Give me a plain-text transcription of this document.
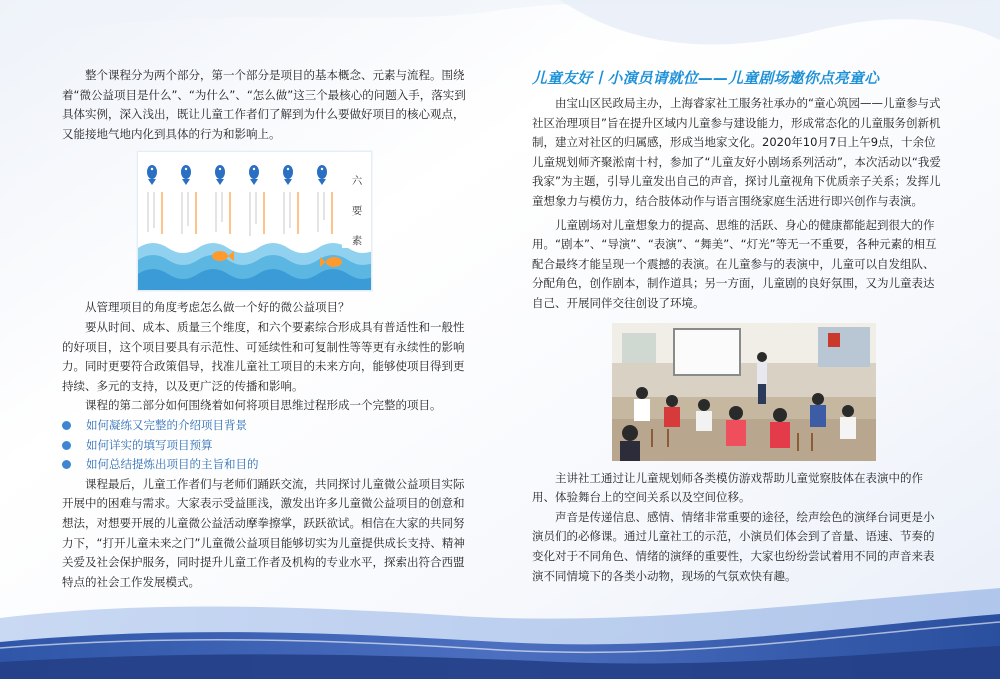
整个课程分为两个部分，第一个部分是项目的基本概念、元素与流程。围绕着“微公益项目是什么”、“为什么”、“怎么做”这三个最核心的问题入手，落实到具体实例，深入浅出，既让儿童工作者们了解到为什么要做好项目的核心观点，又能接地气地内化到具体的行为和影响上。

六
要
素

从管理项目的角度考虑怎么做一个好的微公益项目？

要从时间、成本、质量三个维度，和六个要素综合形成具有普适性和一般性的好项目，这个项目要具有示范性、可延续性和可复制性等等更有永续性的影响力。同时更要符合政策倡导，找准儿童社工项目的未来方向，能够使项目得到更持续、多元的支持，以及更广泛的传播和影响。

课程的第二部分如何围绕着如何将项目思维过程形成一个完整的项目。

如何凝练又完整的介绍项目背景
如何详实的填写项目预算
如何总结提炼出项目的主旨和目的

课程最后，儿童工作者们与老师们踊跃交流，共同探讨儿童微公益项目实际开展中的困难与需求。大家表示受益匪浅，激发出许多儿童微公益项目的创意和想法，对想要开展的儿童微公益活动摩拳擦掌，跃跃欲试。相信在大家的共同努力下，“打开儿童未来之门”儿童微公益项目能够切实为儿童提供成长支持、精神关爱及社会保护服务，同时提升儿童工作者及机构的专业水平，探索出符合西盟特点的社会工作发展模式。

儿童友好丨小演员请就位——儿童剧场邀你点亮童心

由宝山区民政局主办，上海睿家社工服务社承办的“童心筑园——儿童参与式社区治理项目”旨在提升区域内儿童参与建设能力，形成常态化的儿童服务创新机制，建立对社区的归属感，形成当地家文化。2020年10月7日上午9点，十余位儿童规划师齐聚淞南十村，参加了“儿童友好小剧场系列活动”，本次活动以“我爱我家”为主题，引导儿童发出自己的声音，探讨儿童视角下优质亲子关系；发挥儿童想象力与模仿力，结合肢体动作与语言围绕家庭生活进行即兴创作与表演。

儿童剧场对儿童想象力的提高、思维的活跃、身心的健康都能起到很大的作用。“剧本”、“导演”、“表演”、“舞美”、“灯光”等无一不重要，各种元素的相互配合最终才能呈现一个震撼的表演。在儿童参与的表演中，儿童可以自发组队、分配角色，创作剧本，制作道具；另一方面，儿童剧的良好氛围，又为儿童表达自己、开展同伴交往创设了环境。

主讲社工通过让儿童规划师各类模仿游戏帮助儿童觉察肢体在表演中的作用、体验舞台上的空间关系以及空间位移。

声音是传递信息、感情、情绪非常重要的途径，绘声绘色的演绎台词更是小演员们的必修课。通过儿童社工的示范，小演员们体会到了音量、语速、节奏的变化对于不同角色、情绪的演绎的重要性，大家也纷纷尝试着用不同的声音来表演不同情境下的各类小动物，现场的气氛欢快有趣。
